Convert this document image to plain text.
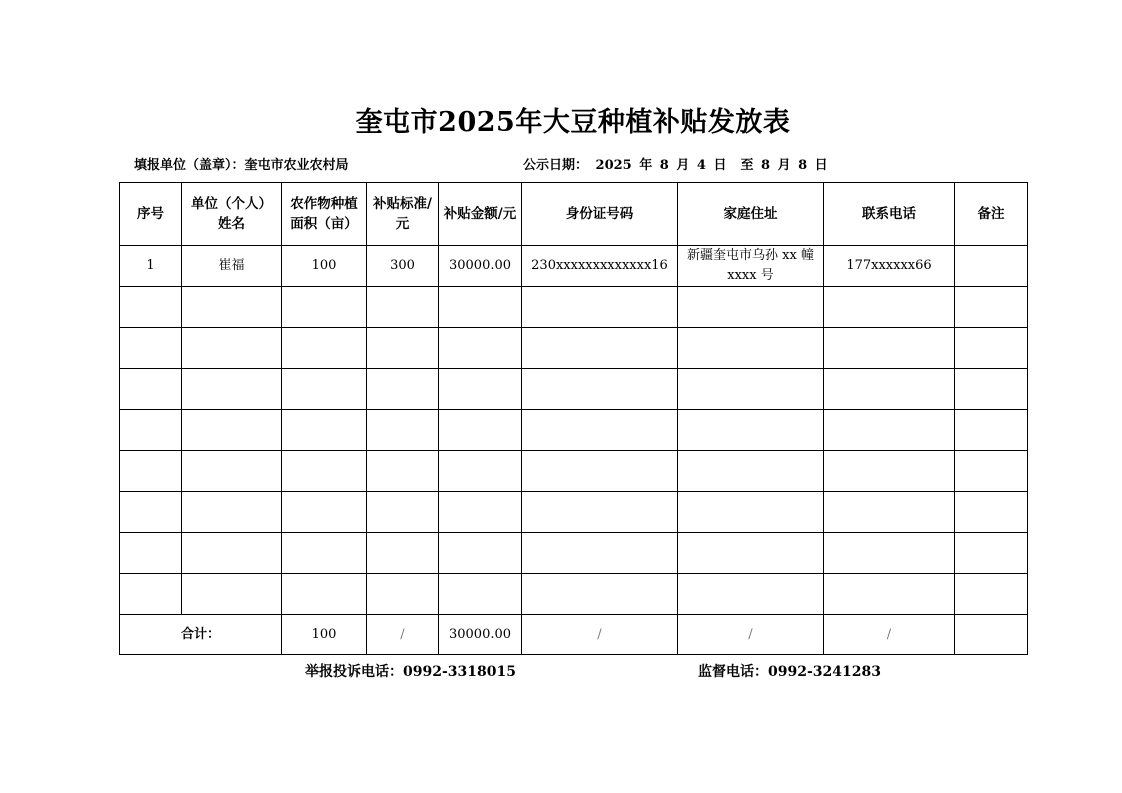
奎屯市2025年大豆种植补贴发放表
填报单位（盖章）：奎屯市农业农村局	公示日期： 2025 年 8 月 4 日 至 8 月 8 日
序号	单位（个人）姓名	农作物种植面积（亩）	补贴标准/元	补贴金额/元	身份证号码	家庭住址	联系电话	备注
1	崔福	100	300	30000.00	230xxxxxxxxxxxxx16	新疆奎屯市乌孙 xx 幢 xxxx 号	177xxxxxx66	

合计：		100	/	30000.00	/	/	/	
举报投诉电话：0992-3318015	监督电话：0992-3241283
